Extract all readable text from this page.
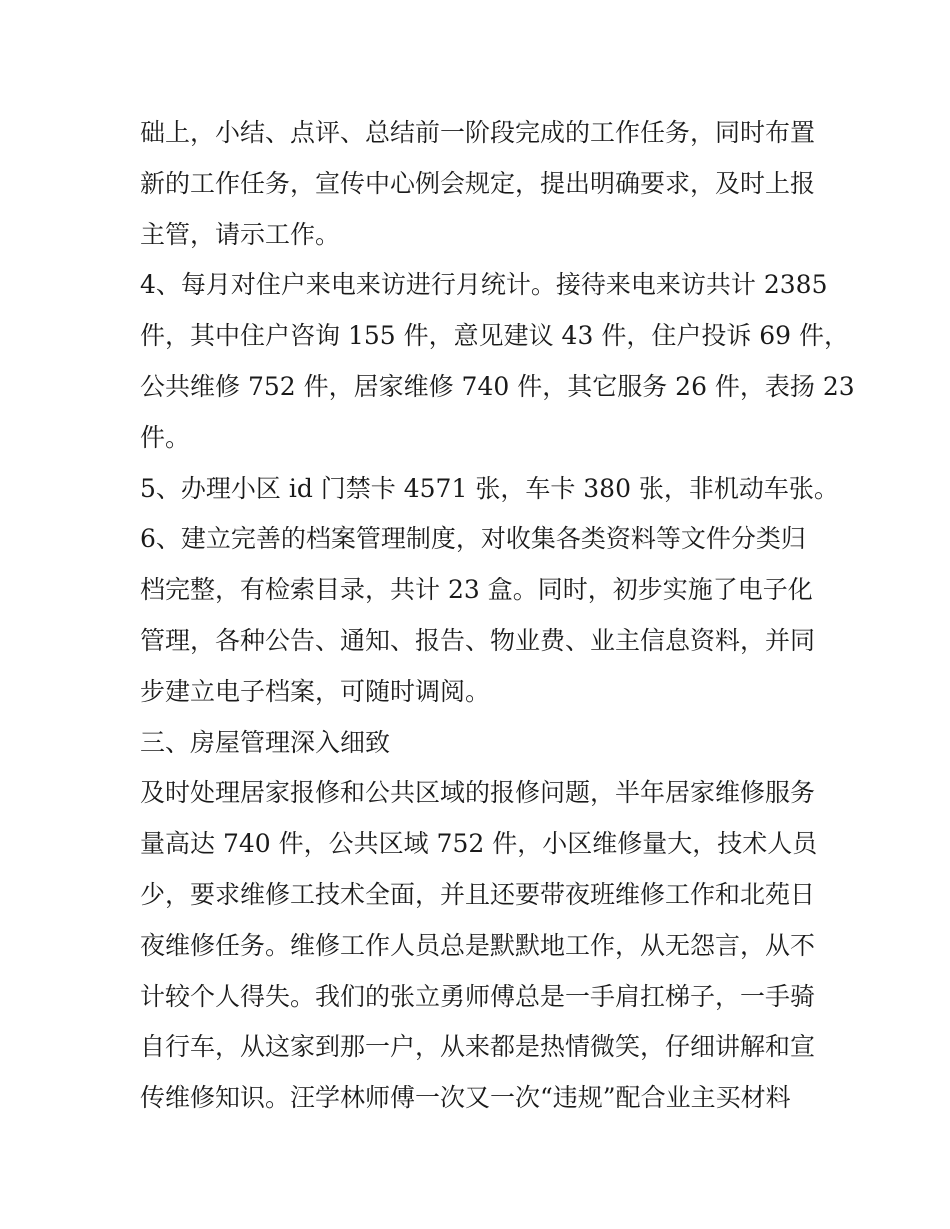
础上，小结、点评、总结前一阶段完成的工作任务，同时布置
新的工作任务，宣传中心例会规定，提出明确要求，及时上报
主管，请示工作。
4、每月对住户来电来访进行月统计。接待来电来访共计 2385
件，其中住户咨询 155 件，意见建议 43 件，住户投诉 69 件，
公共维修 752 件，居家维修 740 件，其它服务 26 件，表扬 23
件。
5、办理小区 id 门禁卡 4571 张，车卡 380 张，非机动车张。
6、建立完善的档案管理制度，对收集各类资料等文件分类归
档完整，有检索目录，共计 23 盒。同时，初步实施了电子化
管理，各种公告、通知、报告、物业费、业主信息资料，并同
步建立电子档案，可随时调阅。
三、房屋管理深入细致
及时处理居家报修和公共区域的报修问题，半年居家维修服务
量高达 740 件，公共区域 752 件，小区维修量大，技术人员
少，要求维修工技术全面，并且还要带夜班维修工作和北苑日
夜维修任务。维修工作人员总是默默地工作，从无怨言，从不
计较个人得失。我们的张立勇师傅总是一手肩扛梯子，一手骑
自行车，从这家到那一户，从来都是热情微笑，仔细讲解和宣
传维修知识。汪学林师傅一次又一次“违规”配合业主买材料
